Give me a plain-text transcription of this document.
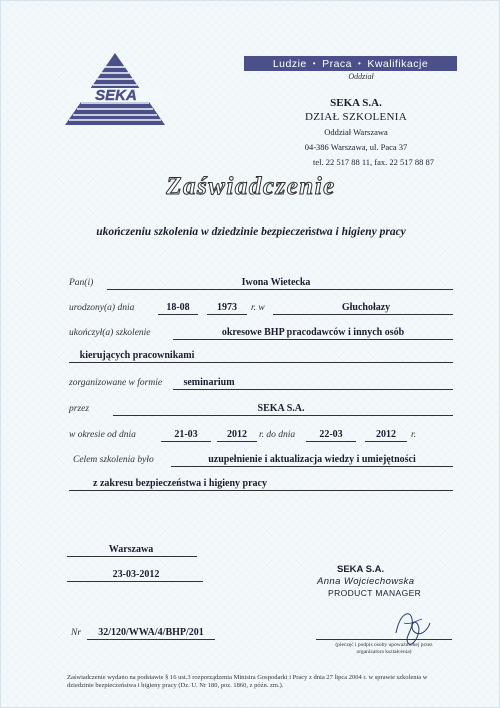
SEKA
Ludzie • Praca • Kwalifikacje
Oddział
SEKA S.A.
DZIAŁ SZKOLENIA
Oddział Warszawa
04-386 Warszawa, ul. Paca 37
tel. 22 517 88 11, fax. 22 517 88 87
Zaświadczenie
ukończeniu szkolenia w dziedzinie bezpieczeństwa i higieny pracy
Pan(i)	Iwona Wietecka
urodzony(a) dnia	18-08	1973	r. w	Głuchołazy
ukończył(a) szkolenie	okresowe BHP pracodawców i innych osób
kierujących pracownikami
zorganizowane w formie	seminarium
przez	SEKA S.A.
w okresie od dnia	21-03	2012	r. do dnia	22-03	2012	r.
Celem szkolenia było	uzupełnienie i aktualizacja wiedzy i umiejętności
z zakresu bezpieczeństwa i higieny pracy
Warszawa
23-03-2012	SEKA S.A.
Anna Wojciechowska
PRODUCT MANAGER
(pieczęć i podpis osoby upoważnionej przez organizatora kształcenia)
Nr	32/120/WWA/4/BHP/201
Zaświadczenie wydano na podstawie § 16 ust.3 rozporządzenia Ministra Gospodarki i Pracy z dnia 27 lipca 2004 r. w sprawie szkolenia w dziedzinie bezpieczeństwa i higieny pracy (Dz. U. Nr 180, poz. 1860, z późn. zm.).
